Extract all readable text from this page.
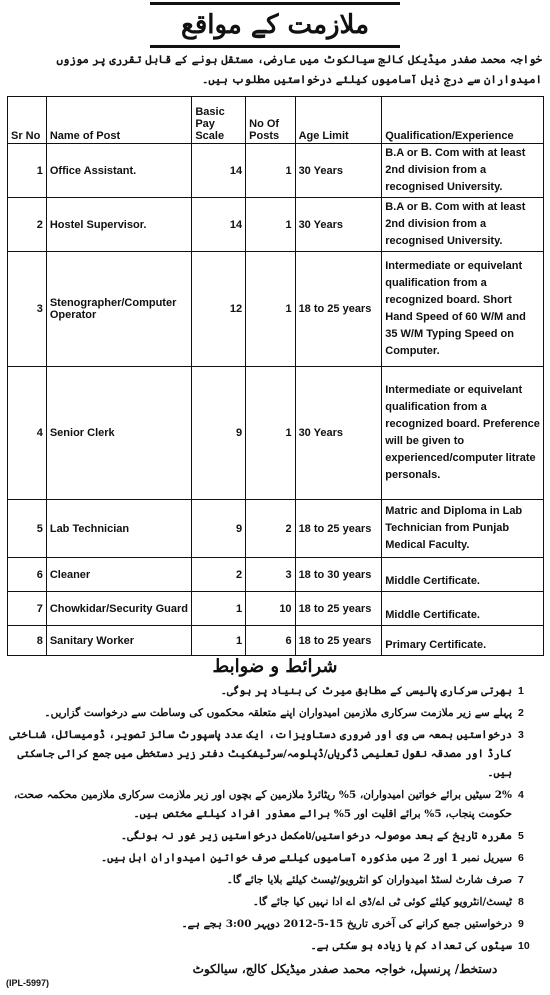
ملازمت کے مواقع
خواجہ محمد صفدر میڈیکل کالج سیالکوٹ میں عارضی، مستقل ہونے کے قابل تقرری پر موزوں امیدواران سے درج ذیل آسامیوں کیلئے درخواستیں مطلوب ہیں۔
Sr No	Name of Post	Basic Pay Scale	No Of Posts	Age Limit	Qualification/Experience
1	Office Assistant.	14	1	30 Years	B.A or B. Com with at least 2nd division from a recognised University.
2	Hostel Supervisor.	14	1	30 Years	B.A or B. Com with at least 2nd division from a recognised University.
3	Stenographer/Computer Operator	12	1	18 to 25 years	Intermediate or equivelant qualification from a recognized board. Short Hand Speed of 60 W/M and 35 W/M Typing Speed on Computer.
4	Senior Clerk	9	1	30 Years	Intermediate or equivelant qualification from a recognized board. Preference will be given to experienced/computer litrate personals.
5	Lab Technician	9	2	18 to 25 years	Matric and Diploma in Lab Technician from Punjab Medical Faculty.
6	Cleaner	2	3	18 to 30 years	Middle Certificate.
7	Chowkidar/Security Guard	1	10	18 to 25 years	Middle Certificate.
8	Sanitary Worker	1	6	18 to 25 years	Primary Certificate.
شرائط و ضوابط
1
بھرتی سرکاری پالیسی کے مطابق میرٹ کی بنیاد پر ہوگی۔
2
پہلے سے زیر ملازمت سرکاری ملازمین امیدواران اپنے متعلقہ محکموں کی وساطت سے درخواست گزاریں۔
3
درخواستیں بمعہ سی وی اور ضروری دستاویزات، ایک عدد پاسپورٹ سائز تصویر، ڈومیسائل، شناختی کارڈ اور مصدقہ نقول تعلیمی ڈگریاں/ڈپلومہ/سرٹیفکیٹ دفتر زیر دستخطی میں جمع کرائی جاسکتی ہیں۔
4
2% سیٹیں برائے خواتین امیدواران، 5% ریٹائرڈ ملازمین کے بچوں اور زیر ملازمت سرکاری ملازمین محکمہ صحت، حکومت پنجاب، 5% برائے اقلیت اور 5% برائے معذور افراد کیلئے مختص ہیں۔
5
مقررہ تاریخ کے بعد موصولہ درخواستیں/نامکمل درخواستیں زیر غور نہ ہونگی۔
6
سیریل نمبر 1 اور 2 میں مذکورہ آسامیوں کیلئے صرف خواتین امیدواران اہل ہیں۔
7
صرف شارٹ لسٹڈ امیدواران کو انٹرویو/ٹیسٹ کیلئے بلایا جائے گا۔
8
ٹیسٹ/انٹرویو کیلئے کوئی ٹی اے/ڈی اے ادا نہیں کیا جائے گا۔
9
درخواستیں جمع کرانے کی آخری تاریخ 15-5-2012 دوپہر 3:00 بجے ہے۔
10
سیٹوں کی تعداد کم یا زیادہ ہو سکتی ہے۔
دستخط/ پرنسپل، خواجہ محمد صفدر میڈیکل کالج، سیالکوٹ
(IPL-5997)
